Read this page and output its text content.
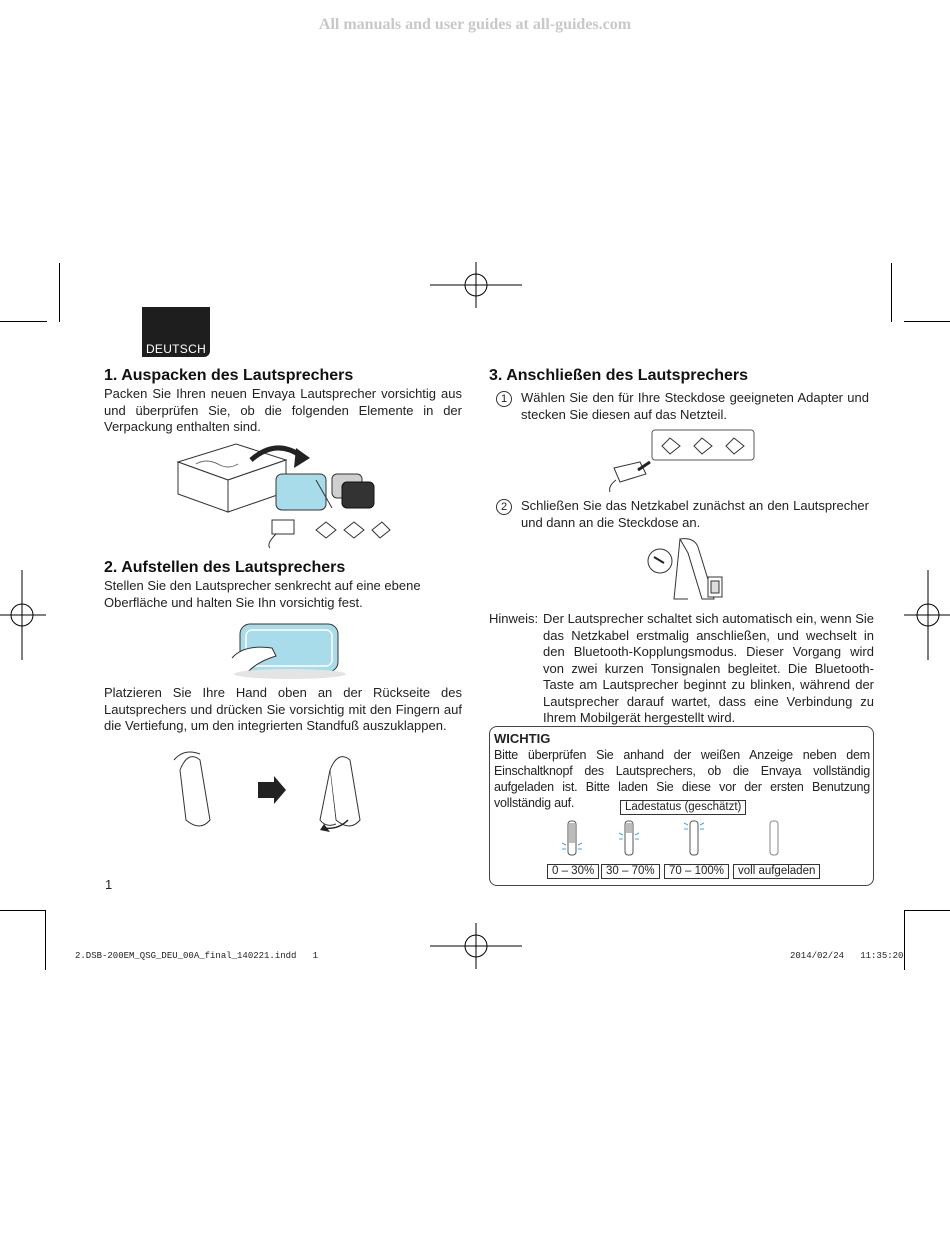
All manuals and user guides at all-guides.com
DEUTSCH
1. Auspacken des Lautsprechers
Packen Sie Ihren neuen Envaya Lautsprecher vorsichtig aus und überprüfen Sie, ob die folgenden Elemente in der Verpackung enthalten sind.
2. Aufstellen des Lautsprechers
Stellen Sie den Lautsprecher senkrecht auf eine ebene Oberfläche und halten Sie Ihn vorsichtig fest.
Platzieren Sie Ihre Hand oben an der Rückseite des Lautsprechers und drücken Sie vorsichtig mit den Fingern auf die Vertiefung, um den integrierten Standfuß auszuklappen.
3. Anschließen des Lautsprechers
1	Wählen Sie den für Ihre Steckdose geeigneten Adapter und stecken Sie diesen auf das Netzteil.
2	Schließen Sie das Netzkabel zunächst an den Lautsprecher und dann an die Steckdose an.
Hinweis: Der Lautsprecher schaltet sich automatisch ein, wenn Sie das Netzkabel erstmalig anschließen, und wechselt in den Bluetooth-Kopplungsmodus. Dieser Vorgang wird von zwei kurzen Tonsignalen begleitet. Die Bluetooth-Taste am Lautsprecher beginnt zu blinken, während der Lautsprecher darauf wartet, dass eine Verbindung zu Ihrem Mobilgerät hergestellt wird.
WICHTIG
Bitte überprüfen Sie anhand der weißen Anzeige neben dem Einschaltknopf des Lautsprechers, ob die Envaya vollständig aufgeladen ist. Bitte laden Sie diese vor der ersten Benutzung vollständig auf.	Ladestatus (geschätzt)
0 – 30%	30 – 70%	70 – 100%	voll aufgeladen
1
2.DSB-200EM_QSG_DEU_00A_final_140221.indd   1	2014/02/24   11:35:20
